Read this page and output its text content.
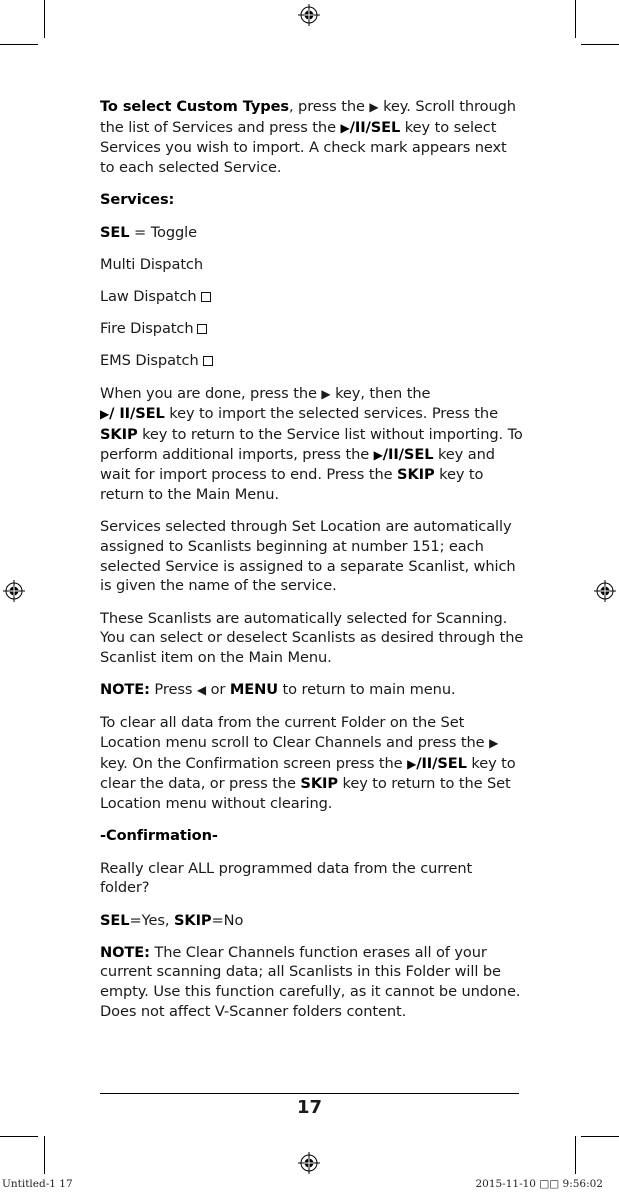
To select Custom Types, press the ▶ key. Scroll through the list of Services and press the ▶/II/SEL key to select Services you wish to import. A check mark appears next to each selected Service.

Services:

SEL = Toggle

Multi Dispatch

Law Dispatch

Fire Dispatch

EMS Dispatch

When you are done, press the ▶ key, then the
▶/ II/SEL key to import the selected services. Press the SKIP key to return to the Service list without importing. To perform additional imports, press the ▶/II/SEL key and wait for import process to end. Press the SKIP key to return to the Main Menu.

Services selected through Set Location are automatically assigned to Scanlists beginning at number 151; each selected Service is assigned to a separate Scanlist, which is given the name of the service.

These Scanlists are automatically selected for Scanning. You can select or deselect Scanlists as desired through the Scanlist item on the Main Menu.

NOTE: Press ◀ or MENU to return to main menu.

To clear all data from the current Folder on the Set Location menu scroll to Clear Channels and press the ▶ key. On the Confirmation screen press the ▶/II/SEL key to clear the data, or press the SKIP key to return to the Set Location menu without clearing.

-Confirmation-

Really clear ALL programmed data from the current folder?

SEL=Yes, SKIP=No

NOTE: The Clear Channels function erases all of your current scanning data; all Scanlists in this Folder will be empty. Use this function carefully, as it cannot be undone. Does not affect V-Scanner folders content.

17
Untitled-1 17	2015-11-10 □□ 9:56:02
